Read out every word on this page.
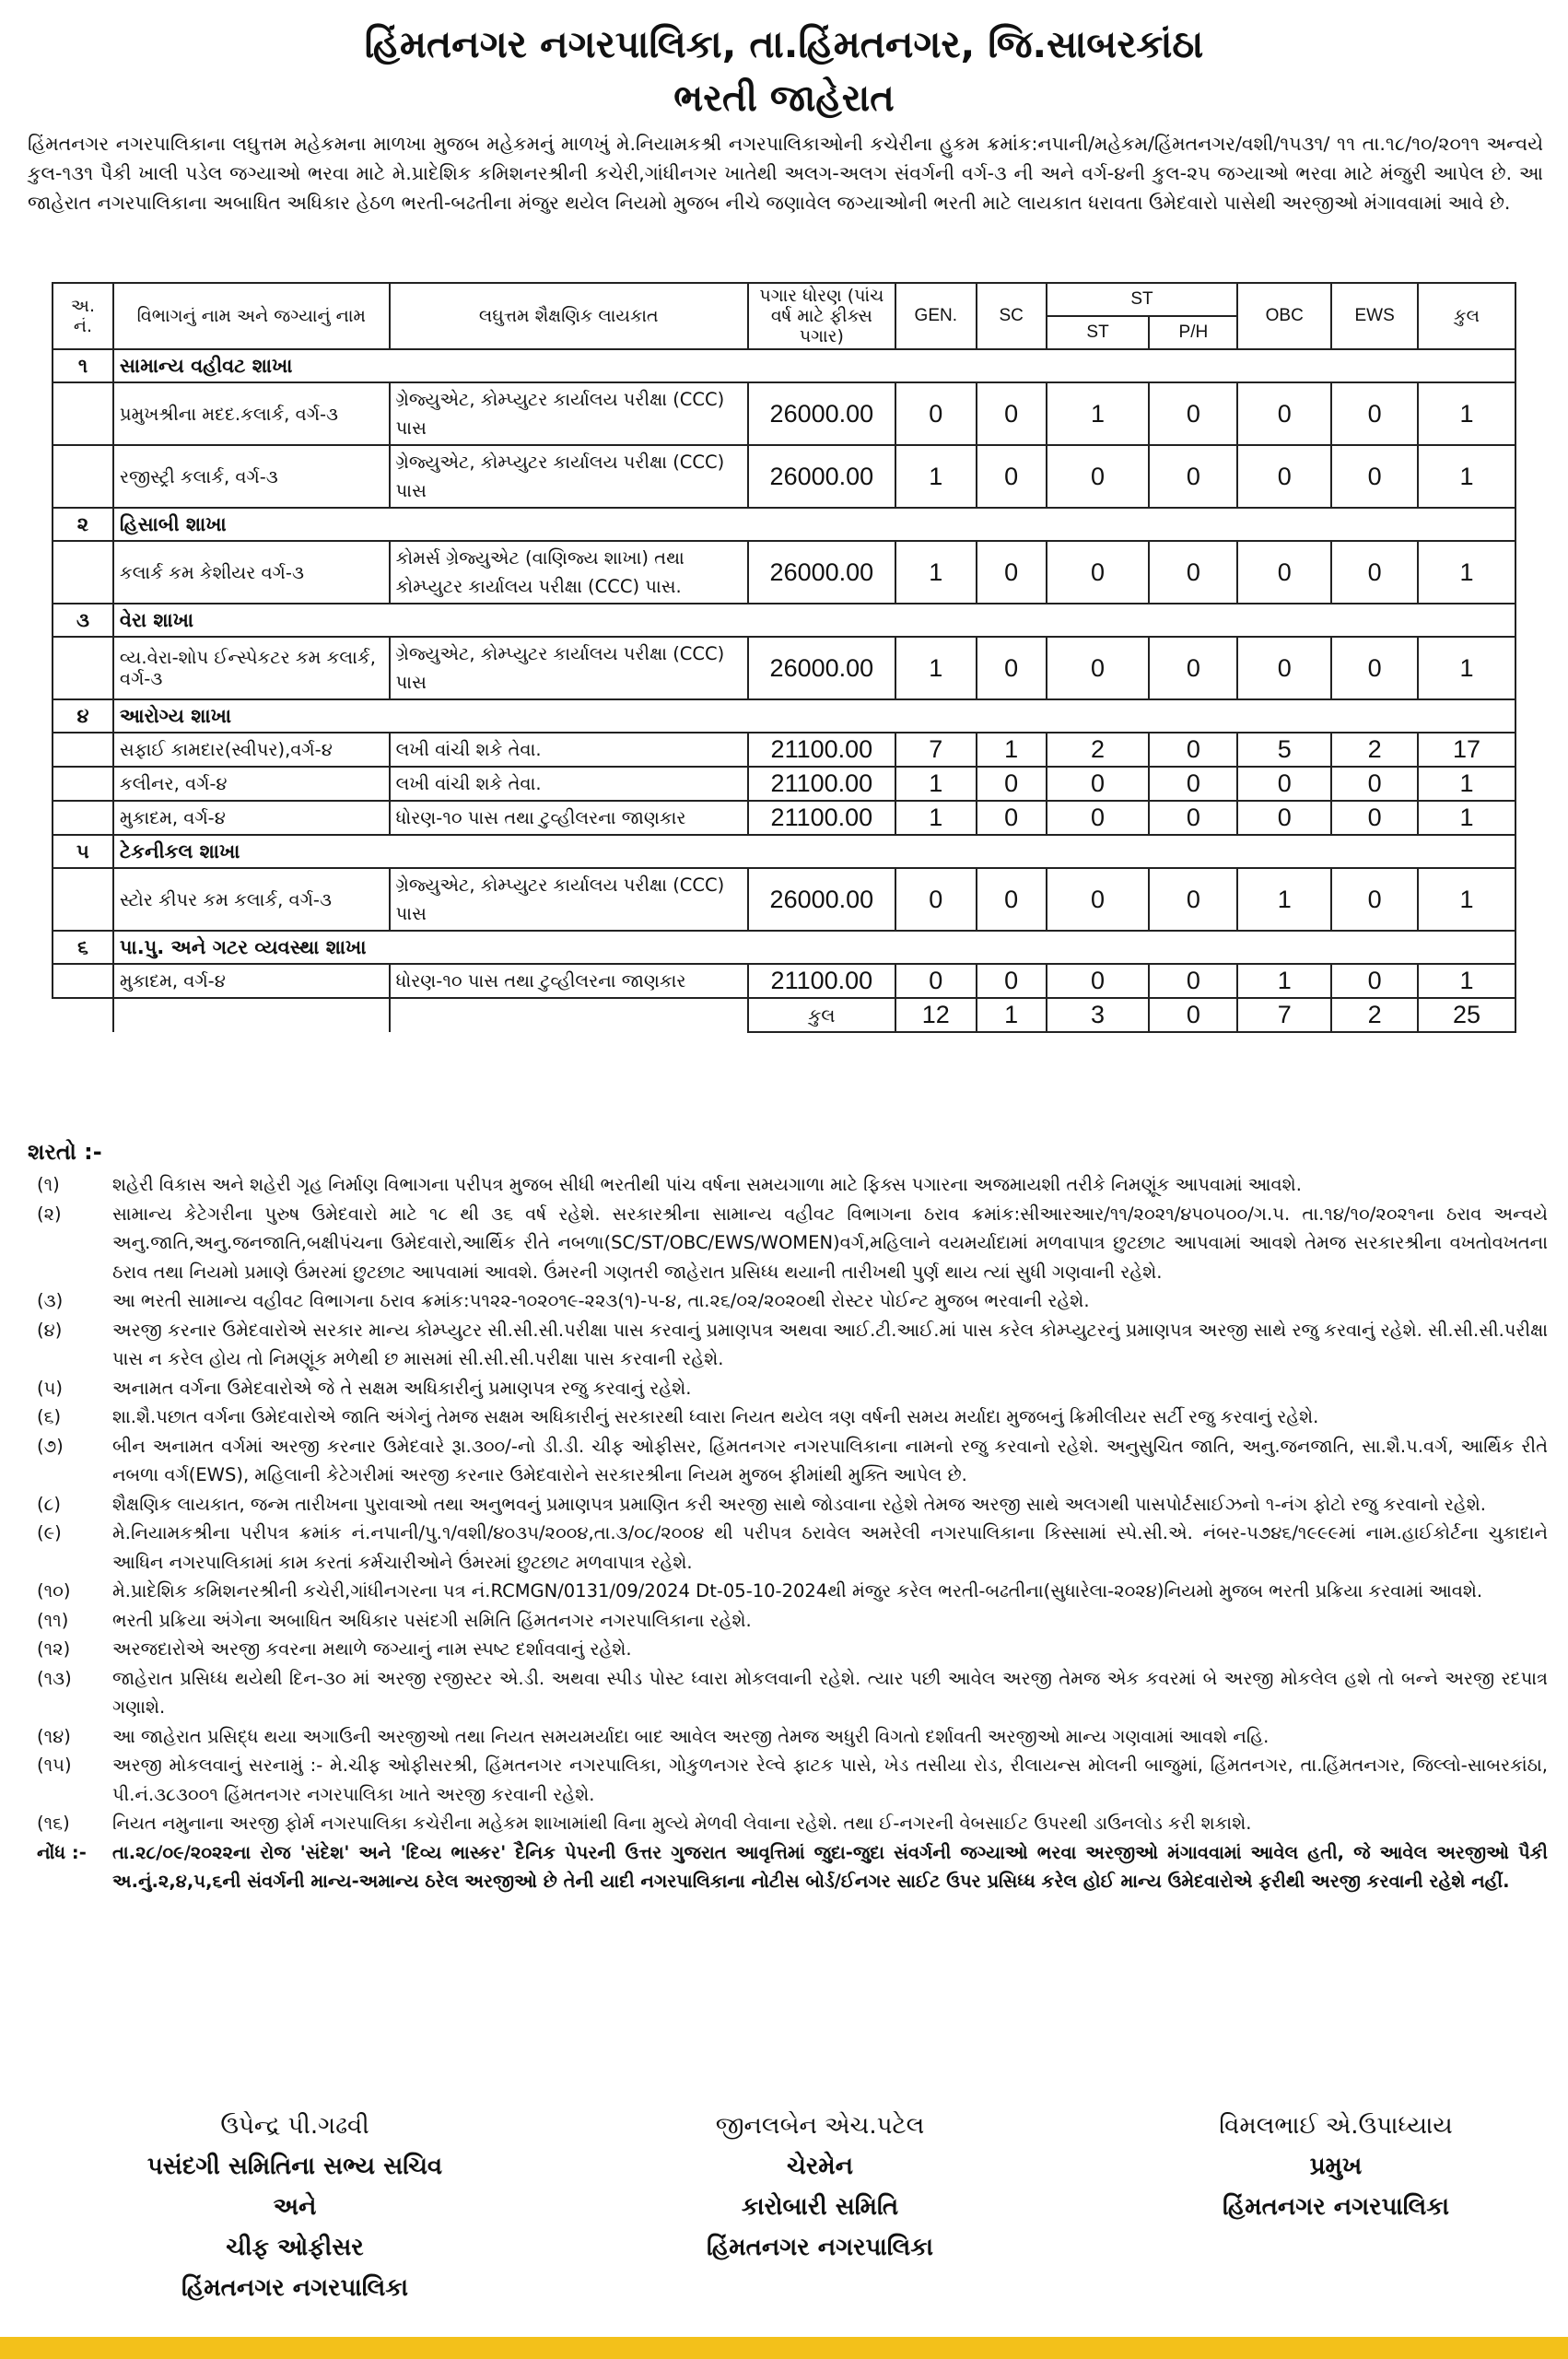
હિંમતનગર નગરપાલિકા, તા.હિંમતનગર, જિ.સાબરકાંઠા
ભરતી જાહેરાત
હિંમતનગર નગરપાલિકાના લઘુત્તમ મહેકમના માળખા મુજબ મહેકમનું માળખું મે.નિયામકશ્રી નગરપાલિકાઓની કચેરીના હુકમ ક્રમાંક:નપાની/મહેકમ/હિંમતનગર/વશી/૧૫૩૧/ ૧૧ તા.૧૮/૧૦/૨૦૧૧ અન્વયે કુલ-૧૩૧ પૈકી ખાલી પડેલ જગ્યાઓ ભરવા માટે મે.પ્રાદેશિક કમિશનરશ્રીની કચેરી,ગાંધીનગર ખાતેથી અલગ-અલગ સંવર્ગની વર્ગ-૩ ની અને વર્ગ-૪ની કુલ-૨૫ જગ્યાઓ ભરવા માટે મંજુરી આપેલ છે. આ જાહેરાત નગરપાલિકાના અબાધિત અધિકાર હેઠળ ભરતી-બઢતીના મંજુર થયેલ નિયમો મુજબ નીચે જણાવેલ જગ્યાઓની ભરતી માટે લાયકાત ધરાવતા ઉમેદવારો પાસેથી અરજીઓ મંગાવવામાં આવે છે.
અ. નં.	વિભાગનું નામ અને જગ્યાનું નામ	લઘુત્તમ શૈક્ષણિક લાયકાત	પગાર ધોરણ (પાંચ વર્ષ માટે ફીક્સ પગાર)	GEN.	SC	ST		OBC	EWS	કુલ
						ST	P/H			
૧	સામાન્ય વહીવટ શાખા									
	પ્રમુખશ્રીના મદદ.કલાર્ક, વર્ગ-૩	ગ્રેજ્યુએટ, કોમ્પ્યુટર કાર્યાલય પરીક્ષા (CCC) પાસ	26000.00	0	0	1	0	0	0	1
	રજીસ્ટ્રી કલાર્ક, વર્ગ-૩	ગ્રેજ્યુએટ, કોમ્પ્યુટર કાર્યાલય પરીક્ષા (CCC) પાસ	26000.00	1	0	0	0	0	0	1
૨	હિસાબી શાખા									
	કલાર્ક કમ કેશીયર વર્ગ-૩	કોમર્સ ગ્રેજ્યુએટ (વાણિજ્ય શાખા) તથા કોમ્પ્યુટર કાર્યાલય પરીક્ષા (CCC) પાસ.	26000.00	1	0	0	0	0	0	1
૩	વેરા શાખા									
	વ્ય.વેરા-શોપ ઈન્સ્પેકટર કમ કલાર્ક, વર્ગ-૩	ગ્રેજ્યુએટ, કોમ્પ્યુટર કાર્યાલય પરીક્ષા (CCC) પાસ	26000.00	1	0	0	0	0	0	1
૪	આરોગ્ય શાખા									
	સફાઈ કામદાર(સ્વીપર),વર્ગ-૪	લખી વાંચી શકે તેવા.	21100.00	7	1	2	0	5	2	17
	કલીનર, વર્ગ-૪	લખી વાંચી શકે તેવા.	21100.00	1	0	0	0	0	0	1
	મુકાદમ, વર્ગ-૪	ધોરણ-૧૦ પાસ તથા ટુવ્હીલરના જાણકાર	21100.00	1	0	0	0	0	0	1
૫	ટેકનીકલ શાખા									
	સ્ટોર કીપર કમ કલાર્ક, વર્ગ-૩	ગ્રેજ્યુએટ, કોમ્પ્યુટર કાર્યાલય પરીક્ષા (CCC) પાસ	26000.00	0	0	0	0	1	0	1
૬	પા.પુ. અને ગટર વ્યવસ્થા શાખા									
	મુકાદમ, વર્ગ-૪	ધોરણ-૧૦ પાસ તથા ટુવ્હીલરના જાણકાર	21100.00	0	0	0	0	1	0	1
			કુલ	12	1	3	0	7	2	25
શરતો :-
(૧)	શહેરી વિકાસ અને શહેરી ગૃહ નિર્માણ વિભાગના પરીપત્ર મુજબ સીધી ભરતીથી પાંચ વર્ષના સમયગાળા માટે ફિક્સ પગારના અજમાયશી તરીકે નિમણૂંક આપવામાં આવશે.
(૨)	સામાન્ય કેટેગરીના પુરુષ ઉમેદવારો માટે ૧૮ થી ૩૬ વર્ષ રહેશે. સરકારશ્રીના સામાન્ય વહીવટ વિભાગના ઠરાવ ક્રમાંક:સીઆરઆર/૧૧/૨૦૨૧/૪૫૦૫૦૦/ગ.૫. તા.૧૪/૧૦/૨૦૨૧ના ઠરાવ અન્વયે અનુ.જાતિ,અનુ.જનજાતિ,બક્ષીપંચના ઉમેદવારો,આર્થિક રીતે નબળા(SC/ST/OBC/EWS/WOMEN)વર્ગ,મહિલાને વયમર્યાદામાં મળવાપાત્ર છુટછાટ આપવામાં આવશે તેમજ સરકારશ્રીના વખતોવખતના ઠરાવ તથા નિયમો પ્રમાણે ઉંમરમાં છુટછાટ આપવામાં આવશે. ઉંમરની ગણતરી જાહેરાત પ્રસિધ્ધ થયાની તારીખથી પુર્ણ થાય ત્યાં સુધી ગણવાની રહેશે.
(૩)	આ ભરતી સામાન્ય વહીવટ વિભાગના ઠરાવ ક્રમાંક:૫૧૨૨-૧૦૨૦૧૯-૨૨૩(૧)-૫-૪, તા.૨૬/૦૨/૨૦૨૦થી રોસ્ટર પોઈન્ટ મુજબ ભરવાની રહેશે.
(૪)	અરજી કરનાર ઉમેદવારોએ સરકાર માન્ય કોમ્પ્યુટર સી.સી.સી.પરીક્ષા પાસ કરવાનું પ્રમાણપત્ર અથવા આઈ.ટી.આઈ.માં પાસ કરેલ કોમ્પ્યુટરનું પ્રમાણપત્ર અરજી સાથે રજુ કરવાનું રહેશે. સી.સી.સી.પરીક્ષા પાસ ન કરેલ હોય તો નિમણૂંક મળેથી છ માસમાં સી.સી.સી.પરીક્ષા પાસ કરવાની રહેશે.
(૫)	અનામત વર્ગના ઉમેદવારોએ જે તે સક્ષમ અધિકારીનું પ્રમાણપત્ર રજુ કરવાનું રહેશે.
(૬)	શા.શૈ.પછાત વર્ગના ઉમેદવારોએ જાતિ અંગેનું તેમજ સક્ષમ અધિકારીનું સરકારથી ધ્વારા નિયત થયેલ ત્રણ વર્ષની સમય મર્યાદા મુજબનું ક્રિમીલીયર સર્ટી રજુ કરવાનું રહેશે.
(૭)	બીન અનામત વર્ગમાં અરજી કરનાર ઉમેદવારે રૂા.૩૦૦/-નો ડી.ડી. ચીફ ઓફીસર, હિંમતનગર નગરપાલિકાના નામનો રજુ કરવાનો રહેશે. અનુસુચિત જાતિ, અનુ.જનજાતિ, સા.શૈ.પ.વર્ગ, આર્થિક રીતે નબળા વર્ગ(EWS), મહિલાની કેટેગરીમાં અરજી કરનાર ઉમેદવારોને સરકારશ્રીના નિયમ મુજબ ફીમાંથી મુક્તિ આપેલ છે.
(૮)	શૈક્ષણિક લાયકાત, જન્મ તારીખના પુરાવાઓ તથા અનુભવનું પ્રમાણપત્ર પ્રમાણિત કરી અરજી સાથે જોડવાના રહેશે તેમજ અરજી સાથે અલગથી પાસપોર્ટસાઈઝનો ૧-નંગ ફોટો રજુ કરવાનો રહેશે.
(૯)	મે.નિયામકશ્રીના પરીપત્ર ક્રમાંક નં.નપાની/પુ.૧/વશી/૪૦૩૫/૨૦૦૪,તા.૩/૦૮/૨૦૦૪ થી પરીપત્ર ઠરાવેલ અમરેલી નગરપાલિકાના કિસ્સામાં સ્પે.સી.એ. નંબર-૫૭૪૬/૧૯૯૯માં નામ.હાઈકોર્ટના ચુકાદાને આધિન નગરપાલિકામાં કામ કરતાં કર્મચારીઓને ઉંમરમાં છુટછાટ મળવાપાત્ર રહેશે.
(૧૦)	મે.પ્રાદેશિક કમિશનરશ્રીની કચેરી,ગાંધીનગરના પત્ર નં.RCMGN/0131/09/2024 Dt-05-10-2024થી મંજુર કરેલ ભરતી-બઢતીના(સુધારેલા-૨૦૨૪)નિયમો મુજબ ભરતી પ્રક્રિયા કરવામાં આવશે.
(૧૧)	ભરતી પ્રક્રિયા અંગેના અબાધિત અધિકાર પસંદગી સમિતિ હિંમતનગર નગરપાલિકાના રહેશે.
(૧૨)	અરજદારોએ અરજી કવરના મથાળે જગ્યાનું નામ સ્પષ્ટ દર્શાવવાનું રહેશે.
(૧૩)	જાહેરાત પ્રસિધ્ધ થયેથી દિન-૩૦ માં અરજી રજીસ્ટર એ.ડી. અથવા સ્પીડ પોસ્ટ ધ્વારા મોકલવાની રહેશે. ત્યાર પછી આવેલ અરજી તેમજ એક કવરમાં બે અરજી મોકલેલ હશે તો બન્ને અરજી રદપાત્ર ગણાશે.
(૧૪)	આ જાહેરાત પ્રસિદ્ધ થયા અગાઉની અરજીઓ તથા નિયત સમયમર્યાદા બાદ આવેલ અરજી તેમજ અધુરી વિગતો દર્શાવતી અરજીઓ માન્ય ગણવામાં આવશે નહિ.
(૧૫)	અરજી મોકલવાનું સરનામું :- મે.ચીફ ઓફીસરશ્રી, હિંમતનગર નગરપાલિકા, ગોકુળનગર રેલ્વે ફાટક પાસે, ખેડ તસીયા રોડ, રીલાયન્સ મોલની બાજુમાં, હિંમતનગર, તા.હિંમતનગર, જિલ્લો-સાબરકાંઠા, પી.નં.૩૮૩૦૦૧ હિંમતનગર નગરપાલિકા ખાતે અરજી કરવાની રહેશે.
(૧૬)	નિયત નમુનાના અરજી ફોર્મ નગરપાલિકા કચેરીના મહેકમ શાખામાંથી વિના મુલ્યે મેળવી લેવાના રહેશે. તથા ઈ-નગરની વેબસાઈટ ઉપરથી ડાઉનલોડ કરી શકાશે.
નોંધ :-	તા.૨૮/૦૯/૨૦૨૨ના રોજ 'સંદેશ' અને 'દિવ્ય ભાસ્કર' દૈનિક પેપરની ઉત્તર ગુજરાત આવૃત્તિમાં જુદા-જુદા સંવર્ગની જગ્યાઓ ભરવા અરજીઓ મંગાવવામાં આવેલ હતી, જે આવેલ અરજીઓ પૈકી અ.નું.૨,૪,૫,૬ની સંવર્ગની માન્ય-અમાન્ય ઠરેલ અરજીઓ છે તેની યાદી નગરપાલિકાના નોટીસ બોર્ડ/ઈનગર સાઈટ ઉપર પ્રસિધ્ધ કરેલ હોઈ માન્ય ઉમેદવારોએ ફરીથી અરજી કરવાની રહેશે નહીં.
ઉપેન્દ્ર પી.ગઢવી
પસંદગી સમિતિના સભ્ય સચિવ
અને
ચીફ ઓફીસર
હિંમતનગર નગરપાલિકા
જીનલબેન એચ.પટેલ
ચેરમેન
કારોબારી સમિતિ
હિંમતનગર નગરપાલિકા
વિમલભાઈ એ.ઉપાધ્યાય
પ્રમુખ
હિંમતનગર નગરપાલિકા
